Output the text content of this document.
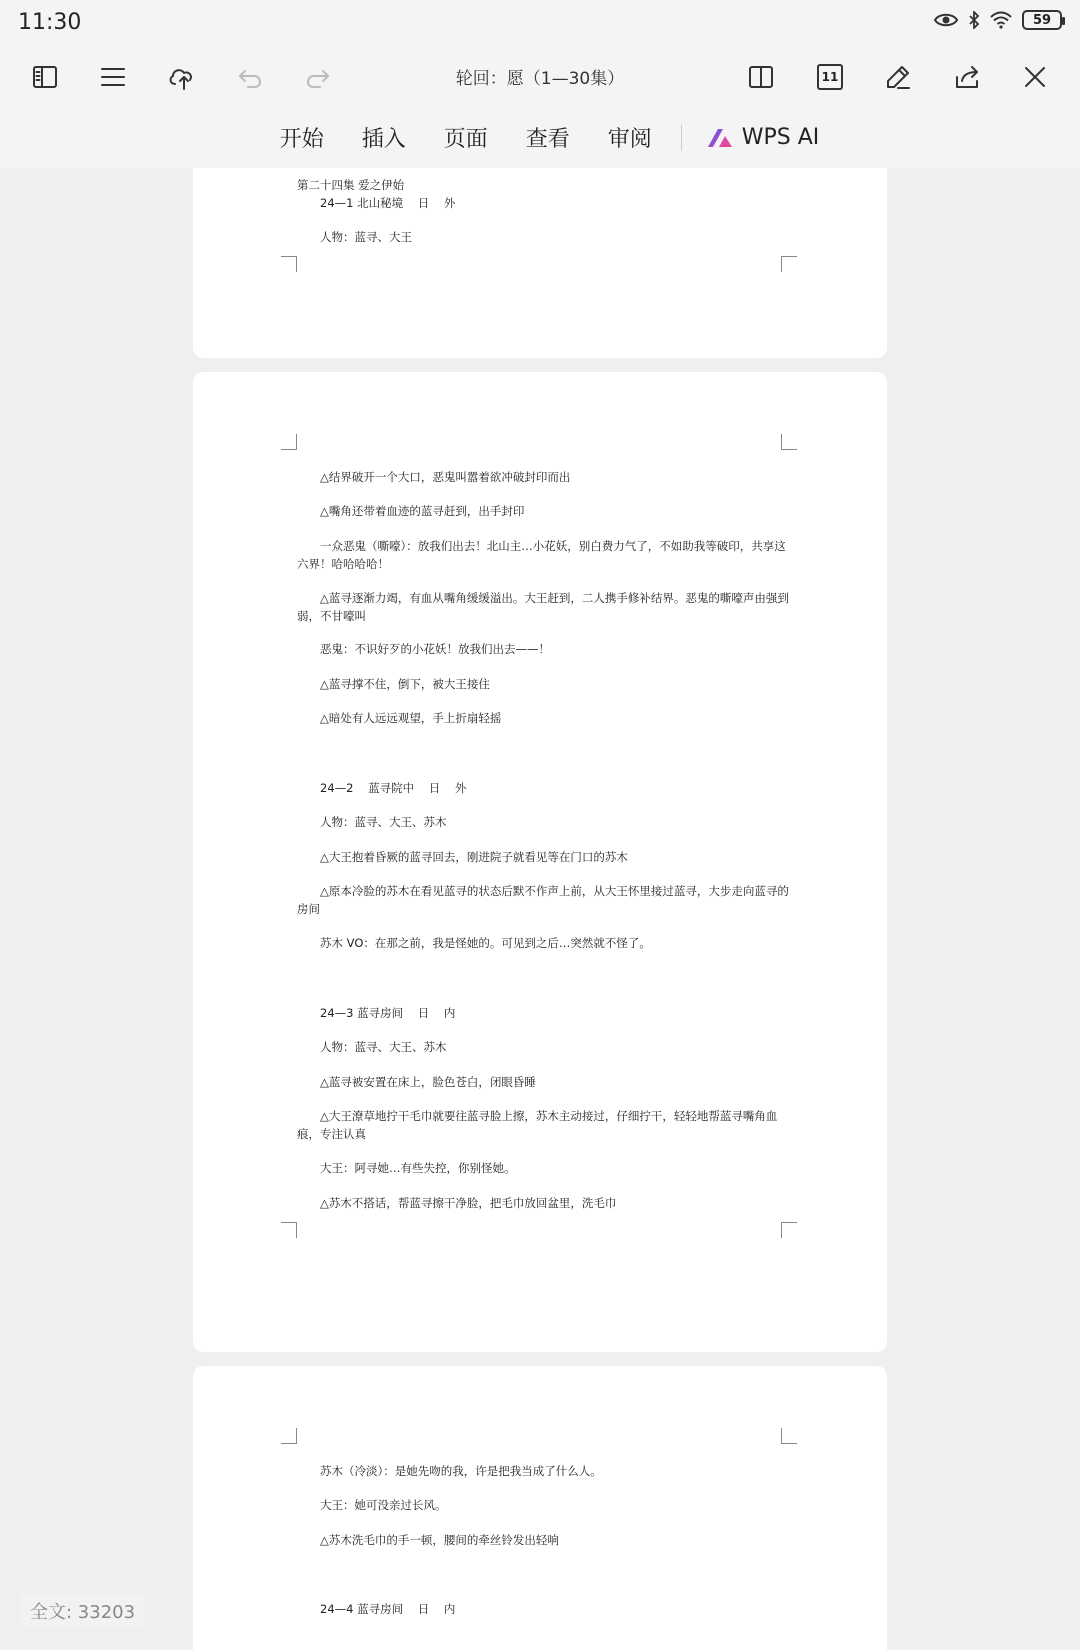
11:30	59
11
轮回：愿（1—30集）
开始 插入 页面 查看 审阅	WPS AI
第二十四集 爱之伊始
24—1 北山秘境    日    外
人物：蓝寻、大王
△结界破开一个大口，恶鬼叫嚣着欲冲破封印而出
△嘴角还带着血迹的蓝寻赶到，出手封印
一众恶鬼（嘶嚎）：放我们出去！北山主…小花妖，别白费力气了，不如助我等破印，共享这六界！哈哈哈哈！
△蓝寻逐渐力竭，有血从嘴角缓缓溢出。大王赶到，二人携手修补结界。恶鬼的嘶嚎声由强到弱，不甘嚎叫
恶鬼：不识好歹的小花妖！放我们出去——！
△蓝寻撑不住，倒下，被大王接住
△暗处有人远远观望，手上折扇轻摇
24—2    蓝寻院中    日    外
人物：蓝寻、大王、苏木
△大王抱着昏厥的蓝寻回去，刚进院子就看见等在门口的苏木
△原本冷脸的苏木在看见蓝寻的状态后默不作声上前，从大王怀里接过蓝寻，大步走向蓝寻的房间
苏木 VO：在那之前，我是怪她的。可见到之后…突然就不怪了。
24—3 蓝寻房间    日    内
人物：蓝寻、大王、苏木
△蓝寻被安置在床上，脸色苍白，闭眼昏睡
△大王潦草地拧干毛巾就要往蓝寻脸上擦，苏木主动接过，仔细拧干，轻轻地帮蓝寻嘴角血痕，专注认真
大王：阿寻她…有些失控，你别怪她。
△苏木不搭话，帮蓝寻擦干净脸，把毛巾放回盆里，洗毛巾
苏木（冷淡）：是她先吻的我，许是把我当成了什么人。
大王：她可没亲过长风。
△苏木洗毛巾的手一顿，腰间的牵丝铃发出轻响
24—4 蓝寻房间    日    内
全文: 33203
